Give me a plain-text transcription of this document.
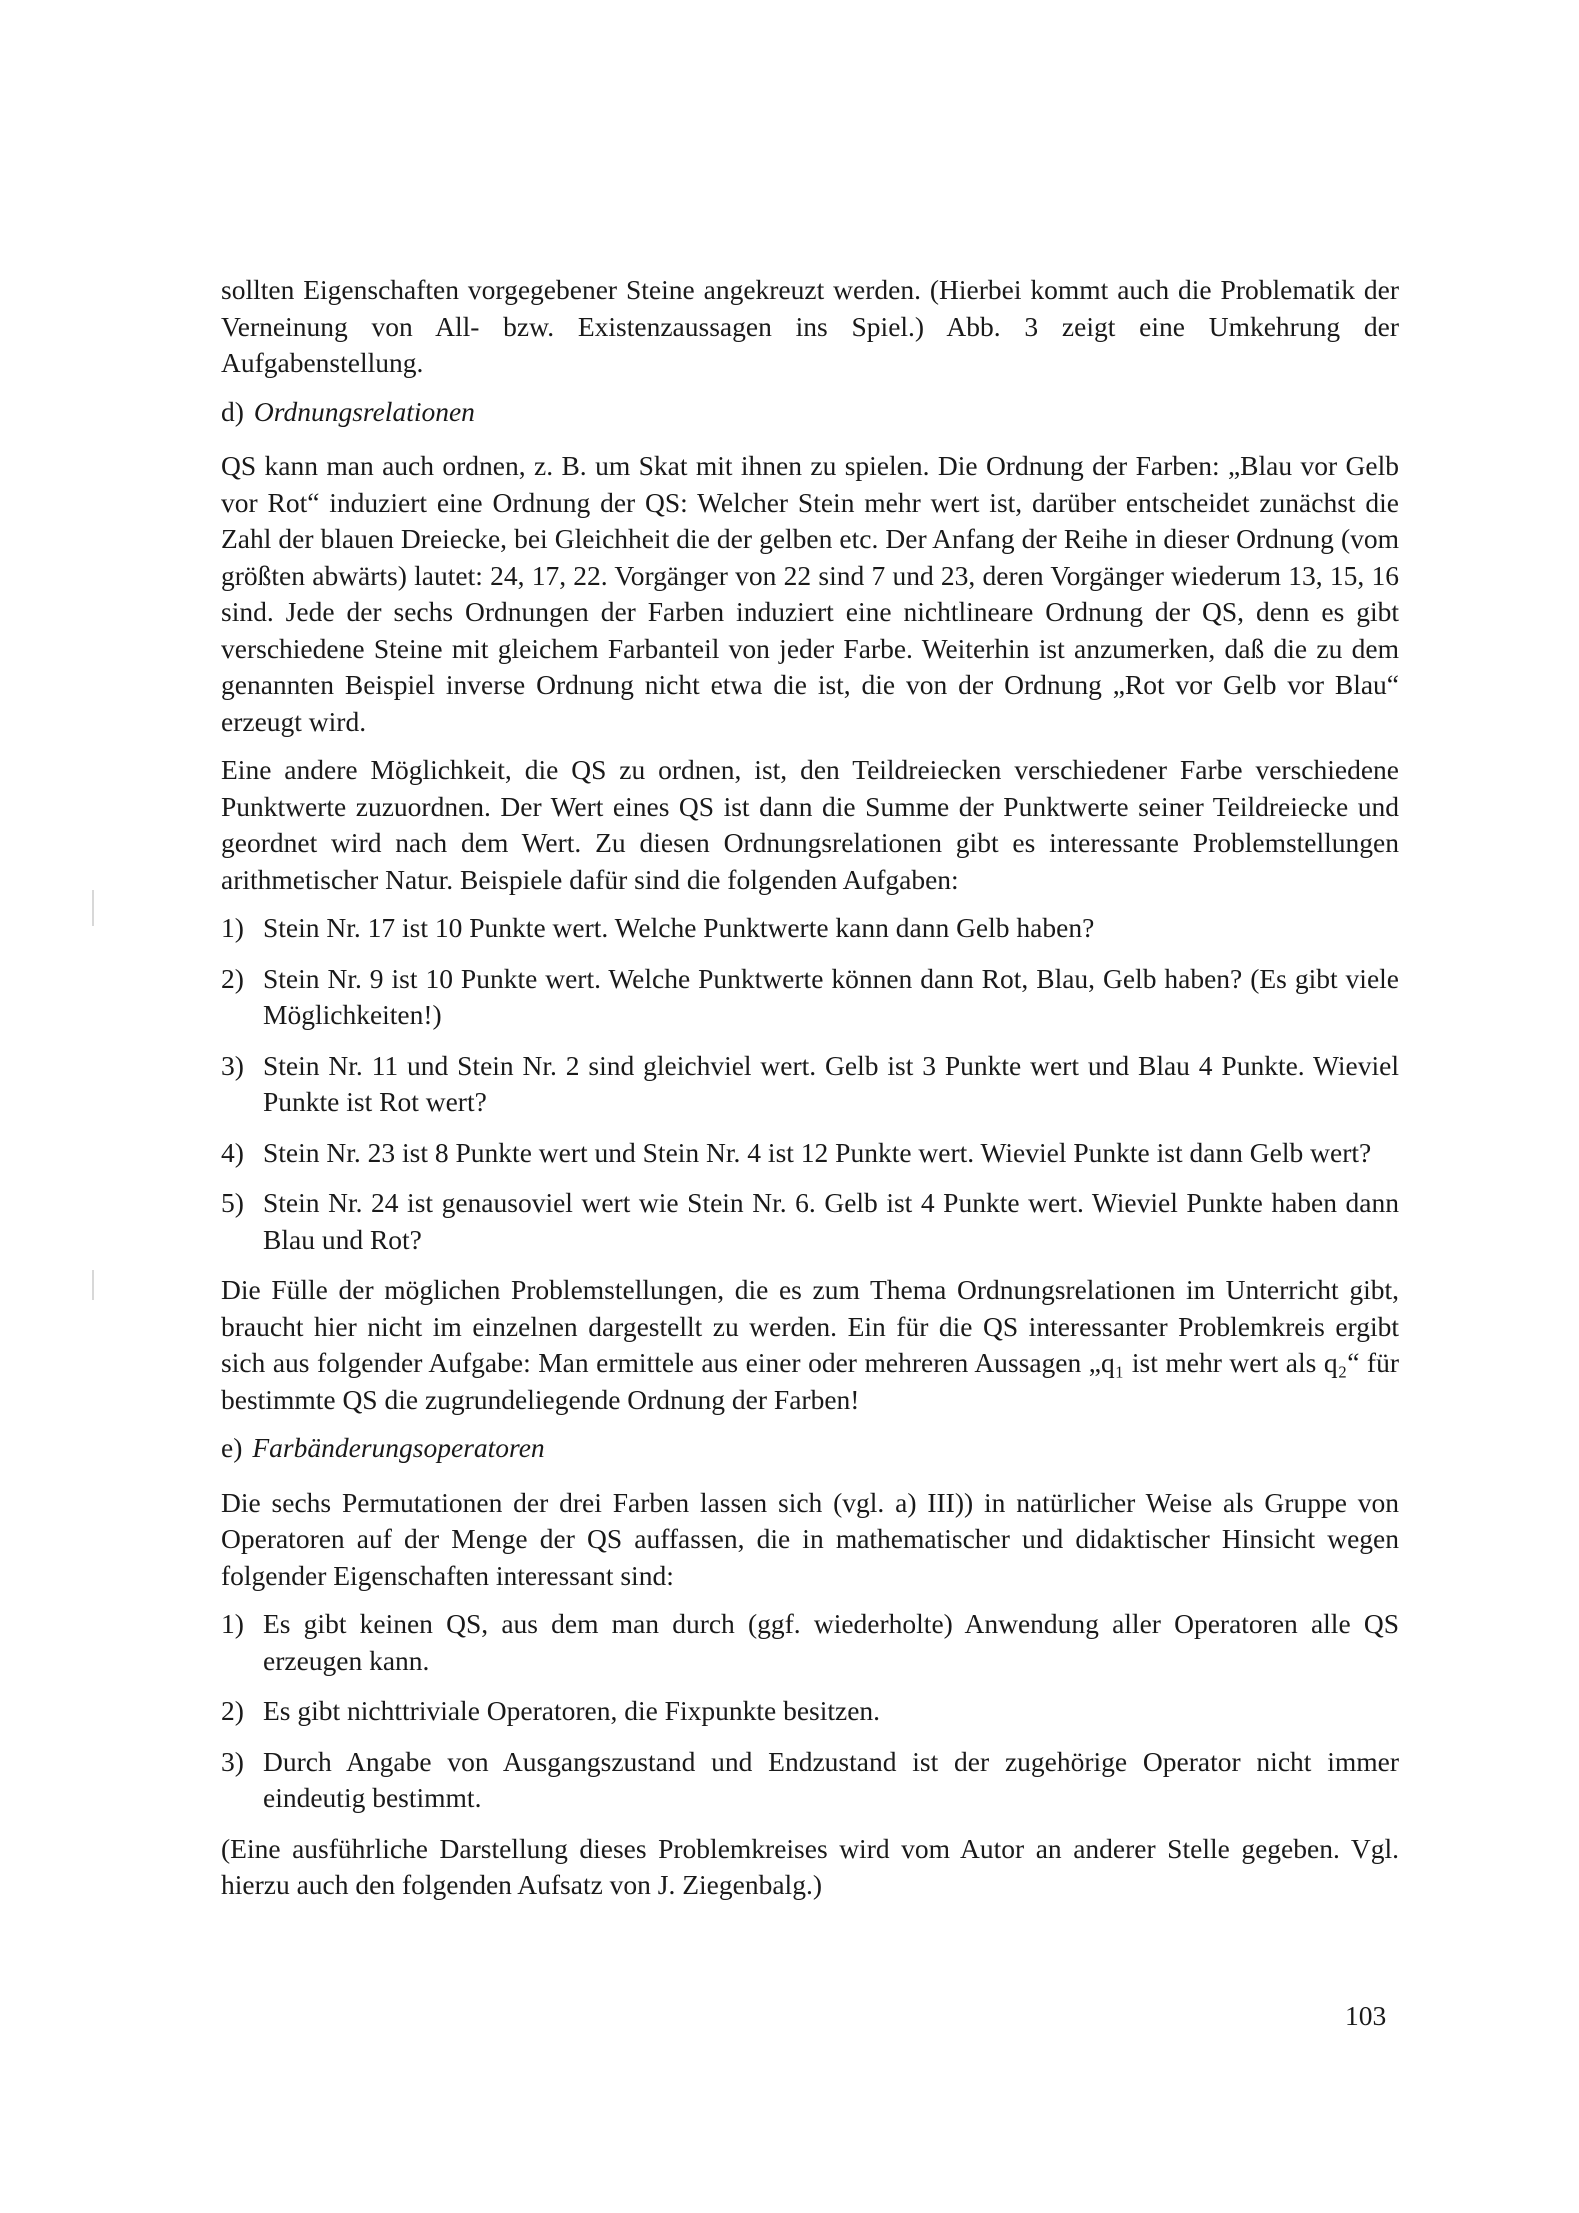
sollten Eigenschaften vorgegebener Steine angekreuzt werden. (Hierbei kommt auch die Problematik der Verneinung von All- bzw. Existenzaussagen ins Spiel.) Abb. 3 zeigt eine Umkehrung der Aufgabenstellung.

d) Ordnungsrelationen

QS kann man auch ordnen, z. B. um Skat mit ihnen zu spielen. Die Ordnung der Farben: „Blau vor Gelb vor Rot“ induziert eine Ordnung der QS: Welcher Stein mehr wert ist, darüber entscheidet zunächst die Zahl der blauen Dreiecke, bei Gleichheit die der gelben etc. Der Anfang der Reihe in dieser Ordnung (vom größten abwärts) lautet: 24, 17, 22. Vorgänger von 22 sind 7 und 23, deren Vorgänger wiederum 13, 15, 16 sind. Jede der sechs Ordnungen der Farben induziert eine nichtlineare Ordnung der QS, denn es gibt verschiedene Steine mit gleichem Farbanteil von jeder Farbe. Weiterhin ist anzumerken, daß die zu dem genannten Beispiel inverse Ordnung nicht etwa die ist, die von der Ordnung „Rot vor Gelb vor Blau“ erzeugt wird.

Eine andere Möglichkeit, die QS zu ordnen, ist, den Teildreiecken verschiedener Farbe verschiedene Punktwerte zuzuordnen. Der Wert eines QS ist dann die Summe der Punktwerte seiner Teildreiecke und geordnet wird nach dem Wert. Zu diesen Ordnungsrelationen gibt es interessante Problemstellungen arithmetischer Natur. Beispiele dafür sind die folgenden Aufgaben:

1) Stein Nr. 17 ist 10 Punkte wert. Welche Punktwerte kann dann Gelb haben?
2) Stein Nr. 9 ist 10 Punkte wert. Welche Punktwerte können dann Rot, Blau, Gelb haben? (Es gibt viele Möglichkeiten!)
3) Stein Nr. 11 und Stein Nr. 2 sind gleichviel wert. Gelb ist 3 Punkte wert und Blau 4 Punkte. Wieviel Punkte ist Rot wert?
4) Stein Nr. 23 ist 8 Punkte wert und Stein Nr. 4 ist 12 Punkte wert. Wieviel Punkte ist dann Gelb wert?
5) Stein Nr. 24 ist genausoviel wert wie Stein Nr. 6. Gelb ist 4 Punkte wert. Wieviel Punkte haben dann Blau und Rot?

Die Fülle der möglichen Problemstellungen, die es zum Thema Ordnungsrelationen im Unterricht gibt, braucht hier nicht im einzelnen dargestellt zu werden. Ein für die QS interessanter Problemkreis ergibt sich aus folgender Aufgabe: Man ermittele aus einer oder mehreren Aussagen „q₁ ist mehr wert als q₂“ für bestimmte QS die zugrundeliegende Ordnung der Farben!

e) Farbänderungsoperatoren

Die sechs Permutationen der drei Farben lassen sich (vgl. a) III)) in natürlicher Weise als Gruppe von Operatoren auf der Menge der QS auffassen, die in mathematischer und didaktischer Hinsicht wegen folgender Eigenschaften interessant sind:

1) Es gibt keinen QS, aus dem man durch (ggf. wiederholte) Anwendung aller Operatoren alle QS erzeugen kann.
2) Es gibt nichttriviale Operatoren, die Fixpunkte besitzen.
3) Durch Angabe von Ausgangszustand und Endzustand ist der zugehörige Operator nicht immer eindeutig bestimmt.

(Eine ausführliche Darstellung dieses Problemkreises wird vom Autor an anderer Stelle gegeben. Vgl. hierzu auch den folgenden Aufsatz von J. Ziegenbalg.)

103
